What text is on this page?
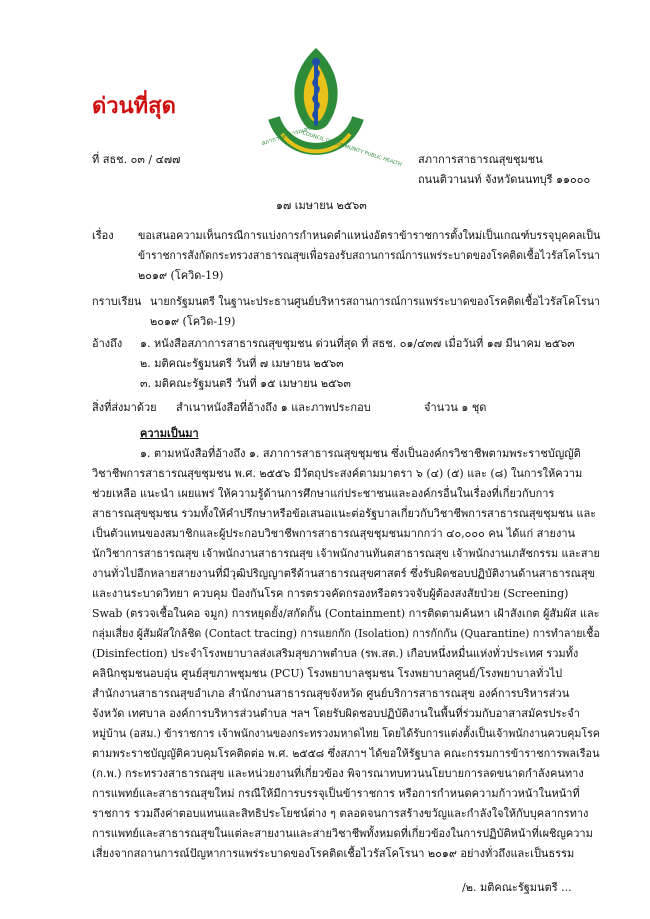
ด่วนที่สุด
สภาการสาธารณสุขชุมชน
COUNCIL OF COMMUNITY PUBLIC HEALTH
ที่ สธช. ๐๓ / ๔๗๗	สภาการสาธารณสุขชุมชน
ถนนติวานนท์ จังหวัดนนทบุรี ๑๑๐๐๐
๑๗ เมษายน ๒๕๖๓
เรื่อง ขอเสนอความเห็นกรณีการแบ่งการกำหนดตำแหน่งอัตราข้าราชการตั้งใหม่เป็นเกณฑ์บรรจุบุคคลเป็น
ข้าราชการสังกัดกระทรวงสาธารณสุขเพื่อรองรับสถานการณ์การแพร่ระบาดของโรคติดเชื้อไวรัสโคโรนา
๒๐๑๙ (โควิด-19)
กราบเรียน นายกรัฐมนตรี ในฐานะประธานศูนย์บริหารสถานการณ์การแพร่ระบาดของโรคติดเชื้อไวรัสโคโรนา
๒๐๑๙ (โควิด-19)
อ้างถึง ๑. หนังสือสภาการสาธารณสุขชุมชน ด่วนที่สุด ที่ สธช. ๐๑/๔๓๗ เมื่อวันที่ ๑๗ มีนาคม ๒๕๖๓
๒. มติคณะรัฐมนตรี วันที่ ๗ เมษายน ๒๕๖๓
๓. มติคณะรัฐมนตรี วันที่ ๑๕ เมษายน ๒๕๖๓
สิ่งที่ส่งมาด้วย สำเนาหนังสือที่อ้างถึง ๑ และภาพประกอบ	จำนวน ๑ ชุด
ความเป็นมา
๑. ตามหนังสือที่อ้างถึง ๑. สภาการสาธารณสุขชุมชน ซึ่งเป็นองค์กรวิชาชีพตามพระราชบัญญัติ
วิชาชีพการสาธารณสุขชุมชน พ.ศ. ๒๕๕๖ มีวัตถุประสงค์ตามมาตรา ๖ (๔) (๕) และ (๘) ในการให้ความ
ช่วยเหลือ แนะนำ เผยแพร่ ให้ความรู้ด้านการศึกษาแก่ประชาชนและองค์กรอื่นในเรื่องที่เกี่ยวกับการ
สาธารณสุขชุมชน รวมทั้งให้คำปรึกษาหรือข้อเสนอแนะต่อรัฐบาลเกี่ยวกับวิชาชีพการสาธารณสุขชุมชน และ
เป็นตัวแทนของสมาชิกและผู้ประกอบวิชาชีพการสาธารณสุขชุมชนมากกว่า ๔๐,๐๐๐ คน ได้แก่ สายงาน
นักวิชาการสาธารณสุข เจ้าพนักงานสาธารณสุข เจ้าพนักงานทันตสาธารณสุข เจ้าพนักงานเภสัชกรรม และสาย
งานทั่วไปอีกหลายสายงานที่มีวุฒิปริญญาตรีด้านสาธารณสุขศาสตร์ ซึ่งรับผิดชอบปฏิบัติงานด้านสาธารณสุข
และงานระบาดวิทยา ควบคุม ป้องกันโรค การตรวจคัดกรองหรือตรวจจับผู้ต้องสงสัยป่วย (Screening)
Swab (ตรวจเชื้อในคอ จมูก) การหยุดยั้ง/สกัดกั้น (Containment) การติดตามค้นหา เฝ้าสังเกต ผู้สัมผัส และ
กลุ่มเสี่ยง ผู้สัมผัสใกล้ชิด (Contact tracing) การแยกกัก (Isolation) การกักกัน (Quarantine) การทำลายเชื้อ
(Disinfection) ประจำโรงพยาบาลส่งเสริมสุขภาพตำบล (รพ.สต.) เกือบหนึ่งหมื่นแห่งทั่วประเทศ รวมทั้ง
คลินิกชุมชนอบอุ่น ศูนย์สุขภาพชุมชน (PCU) โรงพยาบาลชุมชน โรงพยาบาลศูนย์/โรงพยาบาลทั่วไป
สำนักงานสาธารณสุขอำเภอ สำนักงานสาธารณสุขจังหวัด ศูนย์บริการสาธารณสุข องค์การบริหารส่วน
จังหวัด เทศบาล องค์การบริหารส่วนตำบล ฯลฯ โดยรับผิดชอบปฏิบัติงานในพื้นที่ร่วมกับอาสาสมัครประจำ
หมู่บ้าน (อสม.) ข้าราชการ เจ้าพนักงานของกระทรวงมหาดไทย โดยได้รับการแต่งตั้งเป็นเจ้าพนักงานควบคุมโรค
ตามพระราชบัญญัติควบคุมโรคติดต่อ พ.ศ. ๒๕๕๘ ซึ่งสภาฯ ได้ขอให้รัฐบาล คณะกรรมการข้าราชการพลเรือน
(ก.พ.) กระทรวงสาธารณสุข และหน่วยงานที่เกี่ยวข้อง พิจารณาทบทวนนโยบายการลดขนาดกำลังคนทาง
การแพทย์และสาธารณสุขใหม่ กรณีให้มีการบรรจุเป็นข้าราชการ หรือการกำหนดความก้าวหน้าในหน้าที่
ราชการ รวมถึงค่าตอบแทนและสิทธิประโยชน์ต่าง ๆ ตลอดจนการสร้างขวัญและกำลังใจให้กับบุคลากรทาง
การแพทย์และสาธารณสุขในแต่ละสายงานและสายวิชาชีพทั้งหมดที่เกี่ยวข้องในการปฏิบัติหน้าที่เผชิญความ
เสี่ยงจากสถานการณ์ปัญหาการแพร่ระบาดของโรคติดเชื้อไวรัสโคโรนา ๒๐๑๙ อย่างทั่วถึงและเป็นธรรม
/๒. มติคณะรัฐมนตรี ...
